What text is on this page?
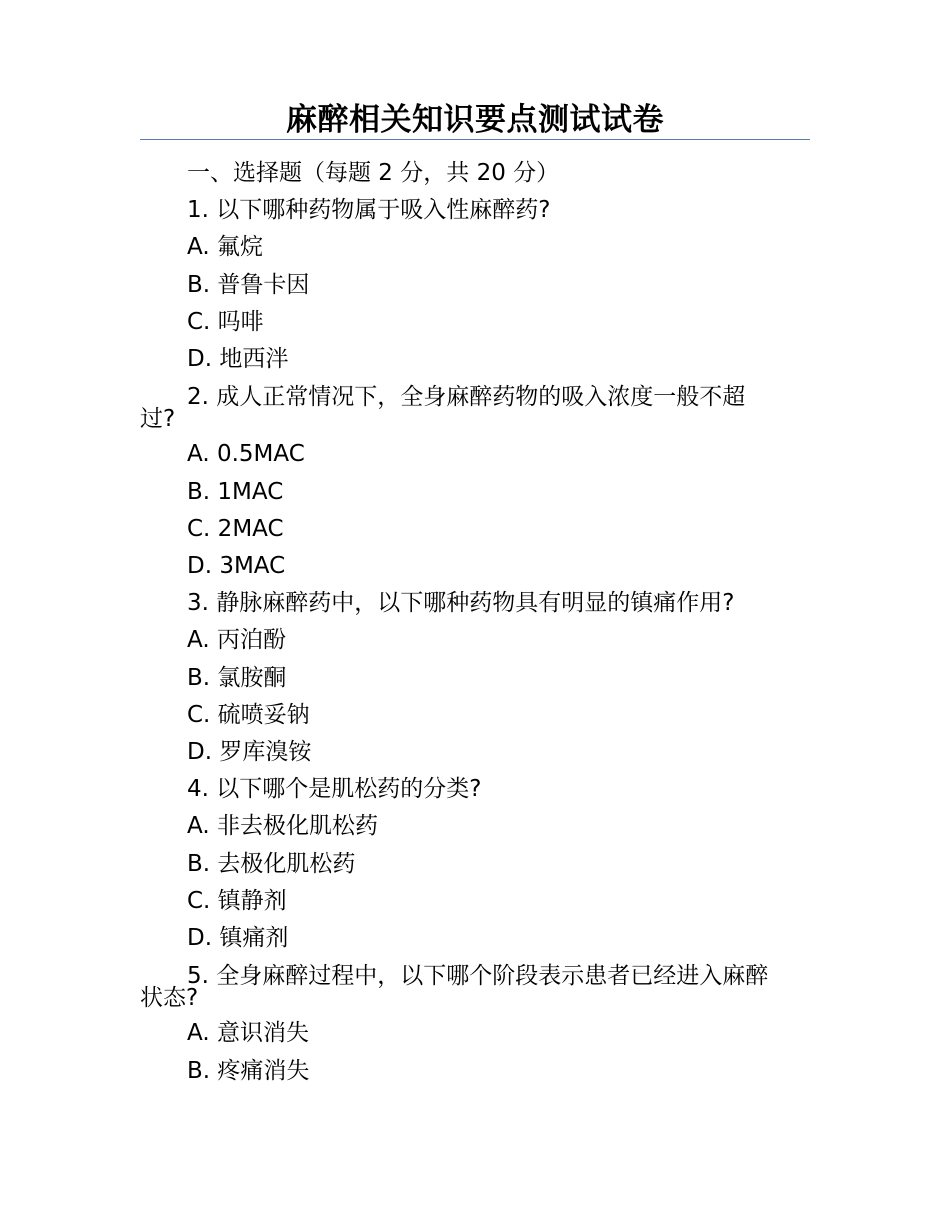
麻醉相关知识要点测试试卷
一、选择题（每题 2 分，共 20 分）
1. 以下哪种药物属于吸入性麻醉药?
A. 氟烷
B. 普鲁卡因
C. 吗啡
D. 地西泮
2. 成人正常情况下，全身麻醉药物的吸入浓度一般不超
过?
A. 0.5MAC
B. 1MAC
C. 2MAC
D. 3MAC
3. 静脉麻醉药中，以下哪种药物具有明显的镇痛作用?
A. 丙泊酚
B. 氯胺酮
C. 硫喷妥钠
D. 罗库溴铵
4. 以下哪个是肌松药的分类?
A. 非去极化肌松药
B. 去极化肌松药
C. 镇静剂
D. 镇痛剂
5. 全身麻醉过程中，以下哪个阶段表示患者已经进入麻醉
状态?
A. 意识消失
B. 疼痛消失
